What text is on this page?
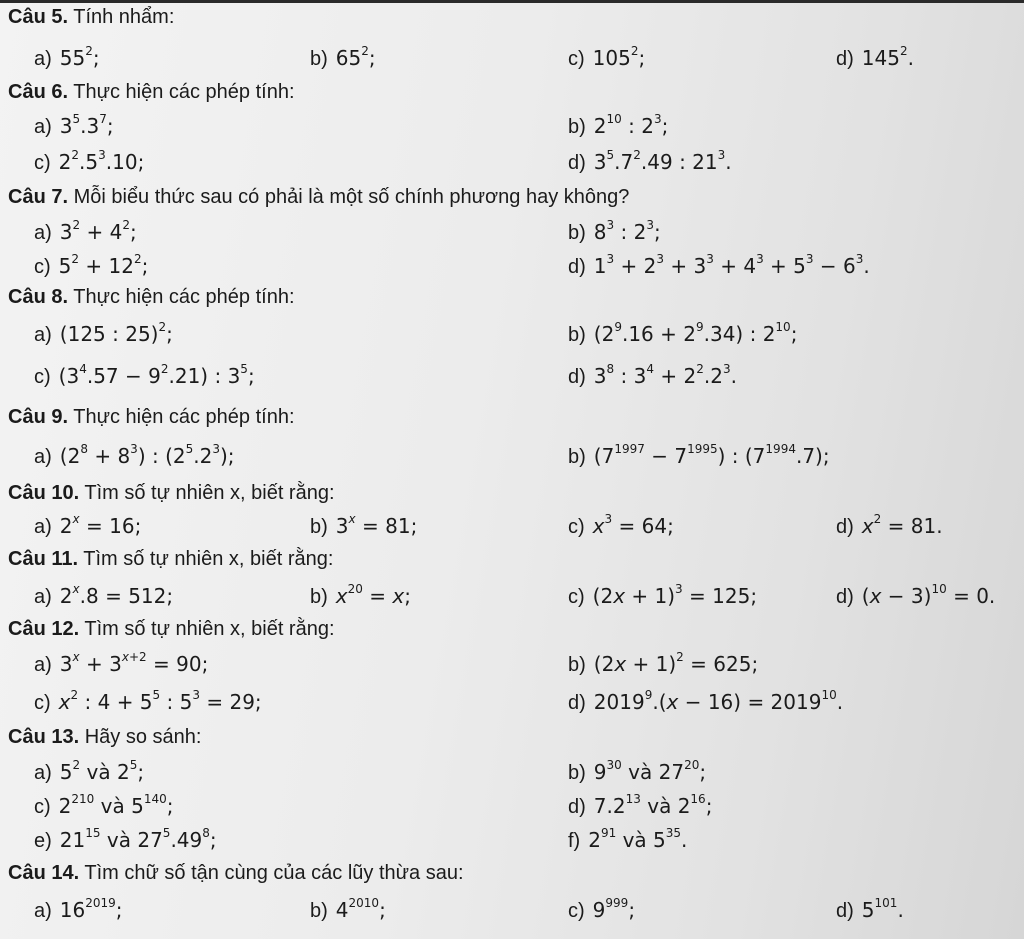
Câu 5. Tính nhẩm:
a) $55^2$;	b) $65^2$;	c) $105^2$;	d) $145^2$.
Câu 6. Thực hiện các phép tính:
a) $3^5.3^7$;	b) $2^{10}$ : $2^3$;
c) $2^2.5^3.10$;	d) $3^5.7^2.49$ : $21^3$.
Câu 7. Mỗi biểu thức sau có phải là một số chính phương hay không?
a) $3^2 + 4^2$;	b) $8^3$ : $2^3$;
c) $5^2 + 12^2$;	d) $1^3 + 2^3 + 3^3 + 4^3 + 5^3 - 6^3$.
Câu 8. Thực hiện các phép tính:
a) (125 : 25)$^2$;	b) $(2^9.16 + 2^9.34)$ : $2^{10}$;
c) $(3^4.57 - 9^2.21)$ : $3^5$;	d) $3^8$ : $3^4 + 2^2.2^3$.
Câu 9. Thực hiện các phép tính:
a) $(2^8 + 8^3)$ : $(2^5.2^3)$;	b) $(7^{1997} - 7^{1995})$ : $(7^{1994}.7)$;
Câu 10. Tìm số tự nhiên x, biết rằng:
a) $2^x = 16$;	b) $3^x = 81$;	c) $x^3 = 64$;	d) $x^2 = 81$.
Câu 11. Tìm số tự nhiên x, biết rằng:
a) $2^x.8 = 512$;	b) $x^{20} = x$;	c) $(2x + 1)^3 = 125$;	d) $(x - 3)^{10} = 0$.
Câu 12. Tìm số tự nhiên x, biết rằng:
a) $3^x + 3^{x+2} = 90$;	b) $(2x + 1)^2 = 625$;
c) $x^2$ : $4 + 5^5$ : $5^3 = 29$;	d) $2019^9.(x - 16) = 2019^{10}$.
Câu 13. Hãy so sánh:
a) $5^2$ và $2^5$;	b) $9^{30}$ và $27^{20}$;
c) $2^{210}$ và $5^{140}$;	d) $7.2^{13}$ và $2^{16}$;
e) $21^{15}$ và $27^5.49^8$;	f) $2^{91}$ và $5^{35}$.
Câu 14. Tìm chữ số tận cùng của các lũy thừa sau:
a) $16^{2019}$;	b) $4^{2010}$;	c) $9^{999}$;	d) $5^{101}$.
